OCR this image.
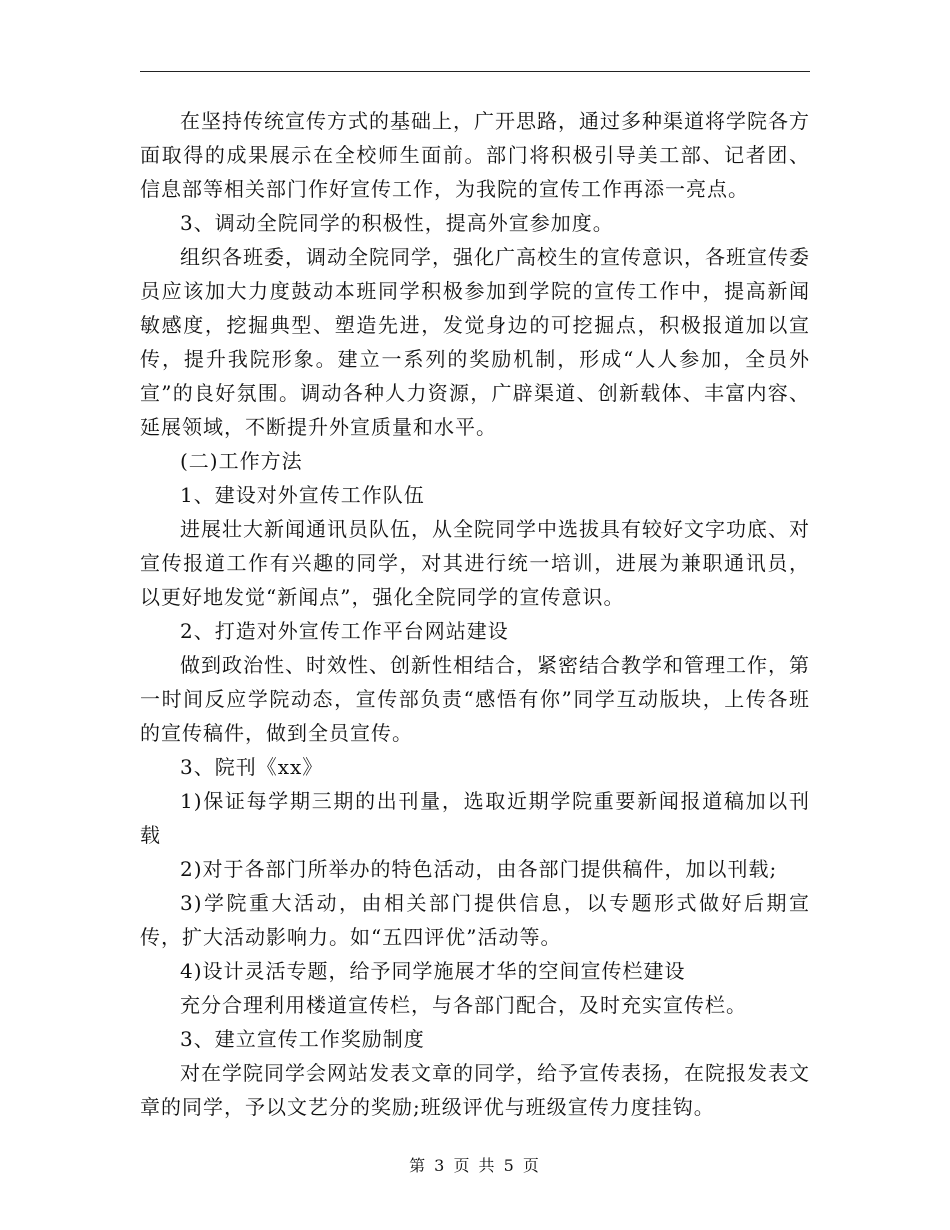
在坚持传统宣传方式的基础上，广开思路，通过多种渠道将学院各方面取得的成果展示在全校师生面前。部门将积极引导美工部、记者团、信息部等相关部门作好宣传工作，为我院的宣传工作再添一亮点。

3、调动全院同学的积极性，提高外宣参加度。

组织各班委，调动全院同学，强化广高校生的宣传意识，各班宣传委员应该加大力度鼓动本班同学积极参加到学院的宣传工作中，提高新闻敏感度，挖掘典型、塑造先进，发觉身边的可挖掘点，积极报道加以宣传，提升我院形象。建立一系列的奖励机制，形成“人人参加，全员外宣”的良好氛围。调动各种人力资源，广辟渠道、创新载体、丰富内容、延展领域，不断提升外宣质量和水平。

(二)工作方法

1、建设对外宣传工作队伍

进展壮大新闻通讯员队伍，从全院同学中选拔具有较好文字功底、对宣传报道工作有兴趣的同学，对其进行统一培训，进展为兼职通讯员，以更好地发觉“新闻点”，强化全院同学的宣传意识。

2、打造对外宣传工作平台网站建设

做到政治性、时效性、创新性相结合，紧密结合教学和管理工作，第一时间反应学院动态，宣传部负责“感悟有你”同学互动版块，上传各班的宣传稿件，做到全员宣传。

3、院刊《xx》

1)保证每学期三期的出刊量，选取近期学院重要新闻报道稿加以刊载

2)对于各部门所举办的特色活动，由各部门提供稿件，加以刊载;

3)学院重大活动，由相关部门提供信息，以专题形式做好后期宣传，扩大活动影响力。如“五四评优”活动等。

4)设计灵活专题，给予同学施展才华的空间宣传栏建设

充分合理利用楼道宣传栏，与各部门配合，及时充实宣传栏。

3、建立宣传工作奖励制度

对在学院同学会网站发表文章的同学，给予宣传表扬，在院报发表文章的同学，予以文艺分的奖励;班级评优与班级宣传力度挂钩。

第 3 页 共 5 页
